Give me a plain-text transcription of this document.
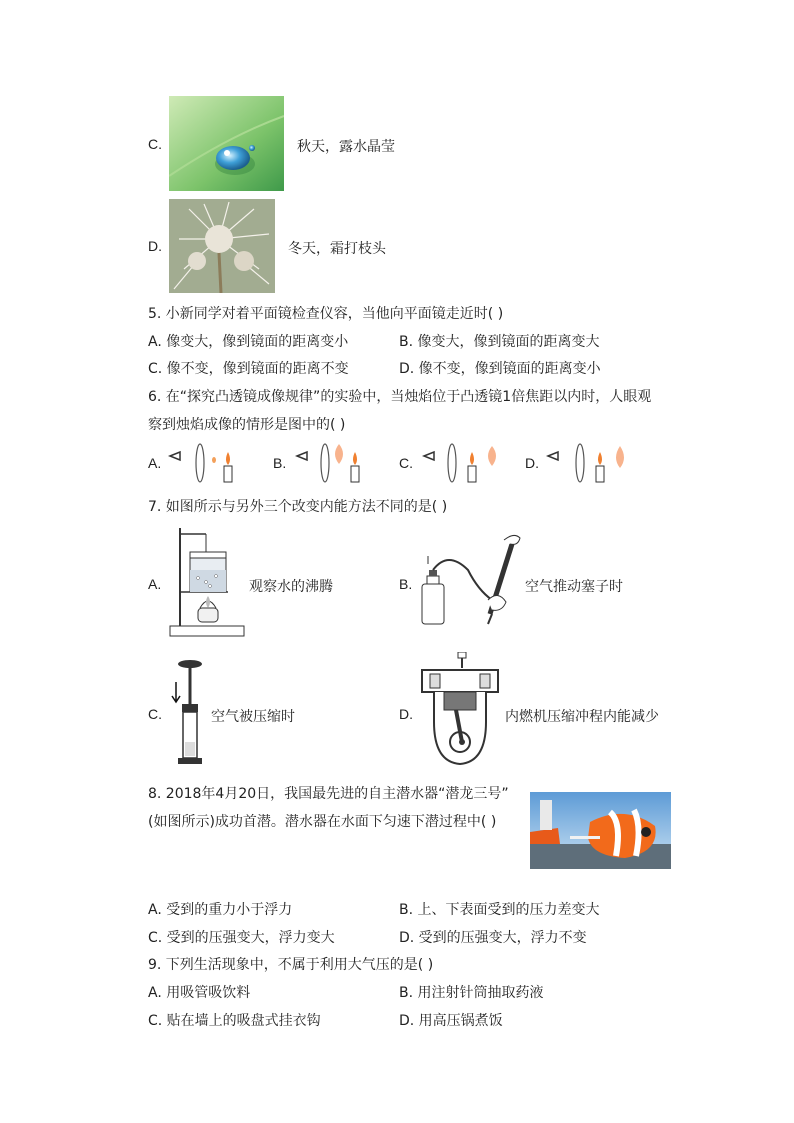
C.	秋天，露水晶莹
D.	冬天，霜打枝头
5. 小新同学对着平面镜检查仪容，当他向平面镜走近时( )
A. 像变大，像到镜面的距离变小	B. 像变大，像到镜面的距离变大
C. 像不变，像到镜面的距离不变	D. 像不变，像到镜面的距离变小
6. 在“探究凸透镜成像规律”的实验中，当烛焰位于凸透镜1倍焦距以内时，人眼观
察到烛焰成像的情形是图中的( )
A.	B.	C.	D.
7. 如图所示与另外三个改变内能方法不同的是( )
A.	观察水的沸腾	B.	空气推动塞子时
C.	空气被压缩时	D.	内燃机压缩冲程内能减少
8. 2018年4月20日，我国最先进的自主潜水器“潜龙三号”
(如图所示)成功首潜。潜水器在水面下匀速下潜过程中( )
A. 受到的重力小于浮力	B. 上、下表面受到的压力差变大
C. 受到的压强变大，浮力变大	D. 受到的压强变大，浮力不变
9. 下列生活现象中，不属于利用大气压的是( )
A. 用吸管吸饮料	B. 用注射针筒抽取药液
C. 贴在墙上的吸盘式挂衣钩	D. 用高压锅煮饭
